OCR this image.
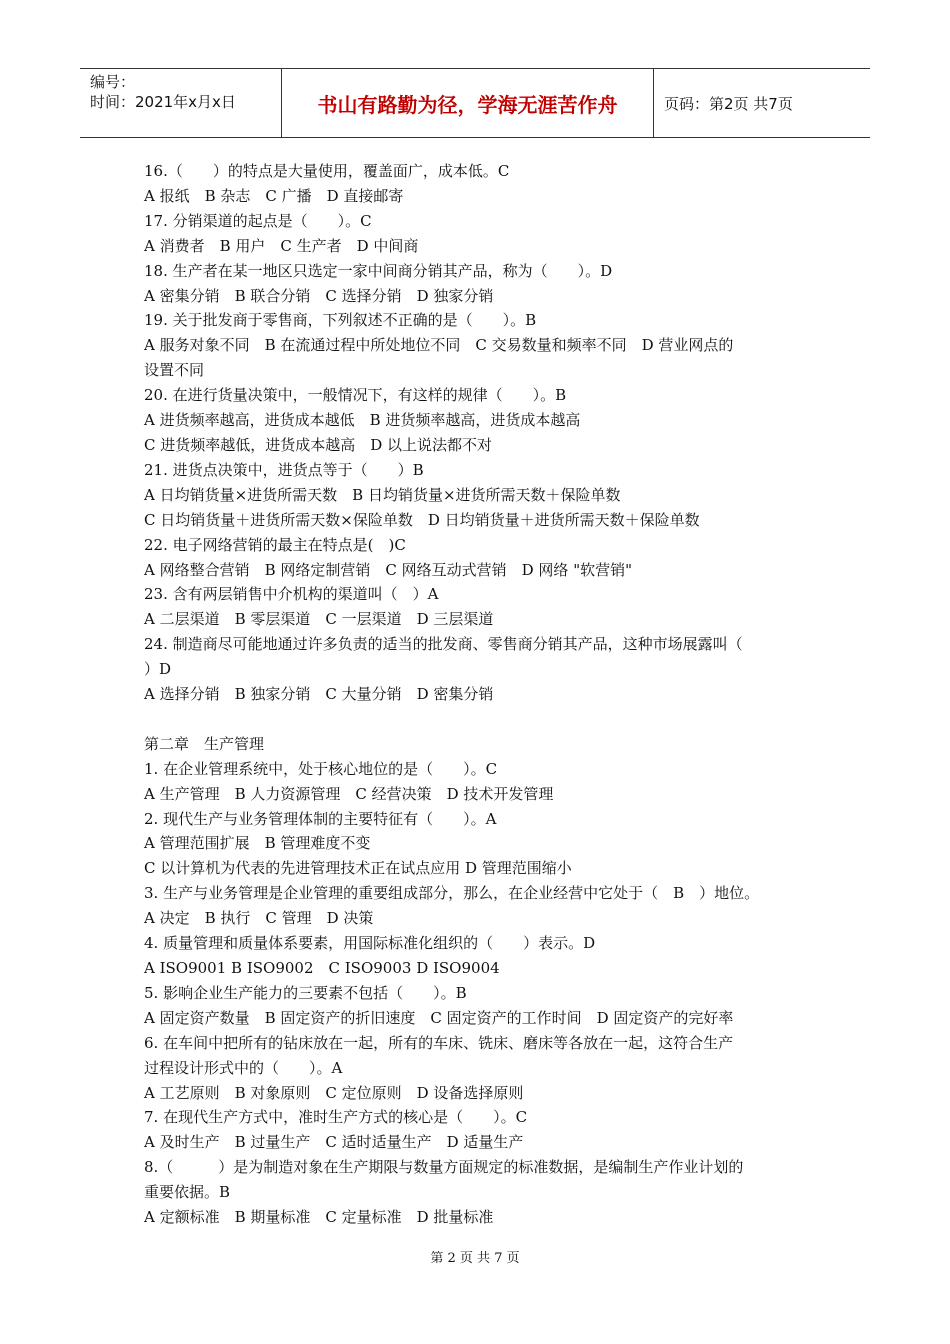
编号：
时间：2021年x月x日	书山有路勤为径，学海无涯苦作舟	页码：第2页 共7页
16.（　　）的特点是大量使用，覆盖面广，成本低。C
A 报纸　B 杂志　C 广播　D 直接邮寄
17. 分销渠道的起点是（　　）。C
A 消费者　B 用户　C 生产者　D 中间商
18. 生产者在某一地区只选定一家中间商分销其产品，称为（　　）。D
A 密集分销　B 联合分销　C 选择分销　D 独家分销
19. 关于批发商于零售商，下列叙述不正确的是（　　）。B
A 服务对象不同　B 在流通过程中所处地位不同　C 交易数量和频率不同　D 营业网点的
设置不同
20. 在进行货量决策中，一般情况下，有这样的规律（　　）。B
A 进货频率越高，进货成本越低　B 进货频率越高，进货成本越高
C 进货频率越低，进货成本越高　D 以上说法都不对
21. 进货点决策中，进货点等于（　　）B
A 日均销货量×进货所需天数　B 日均销货量×进货所需天数＋保险单数
C 日均销货量＋进货所需天数×保险单数　D 日均销货量＋进货所需天数＋保险单数
22. 电子网络营销的最主在特点是(　)C
A 网络整合营销　B 网络定制营销　C 网络互动式营销　D 网络 "软营销"
23. 含有两层销售中介机构的渠道叫（　）A
A 二层渠道　B 零层渠道　C 一层渠道　D 三层渠道
24. 制造商尽可能地通过许多负责的适当的批发商、零售商分销其产品，这种市场展露叫（
）D
A 选择分销　B 独家分销　C 大量分销　D 密集分销
第二章　生产管理
1. 在企业管理系统中，处于核心地位的是（　　）。C
A 生产管理　B 人力资源管理　C 经营决策　D 技术开发管理
2. 现代生产与业务管理体制的主要特征有（　　）。A
A 管理范围扩展　B 管理难度不变
C 以计算机为代表的先进管理技术正在试点应用 D 管理范围缩小
3. 生产与业务管理是企业管理的重要组成部分，那么，在企业经营中它处于（　B　）地位。
A 决定　B 执行　C 管理　D 决策
4. 质量管理和质量体系要素，用国际标准化组织的（　　）表示。D
A ISO9001 B ISO9002　C ISO9003 D ISO9004
5. 影响企业生产能力的三要素不包括（　　）。B
A 固定资产数量　B 固定资产的折旧速度　C 固定资产的工作时间　D 固定资产的完好率
6. 在车间中把所有的钻床放在一起，所有的车床、铣床、磨床等各放在一起，这符合生产
过程设计形式中的（　　）。A
A 工艺原则　B 对象原则　C 定位原则　D 设备选择原则
7. 在现代生产方式中，准时生产方式的核心是（　　）。C
A 及时生产　B 过量生产　C 适时适量生产　D 适量生产
8.（　　　）是为制造对象在生产期限与数量方面规定的标准数据，是编制生产作业计划的
重要依据。B
A 定额标准　B 期量标准　C 定量标准　D 批量标准
第 2 页 共 7 页
